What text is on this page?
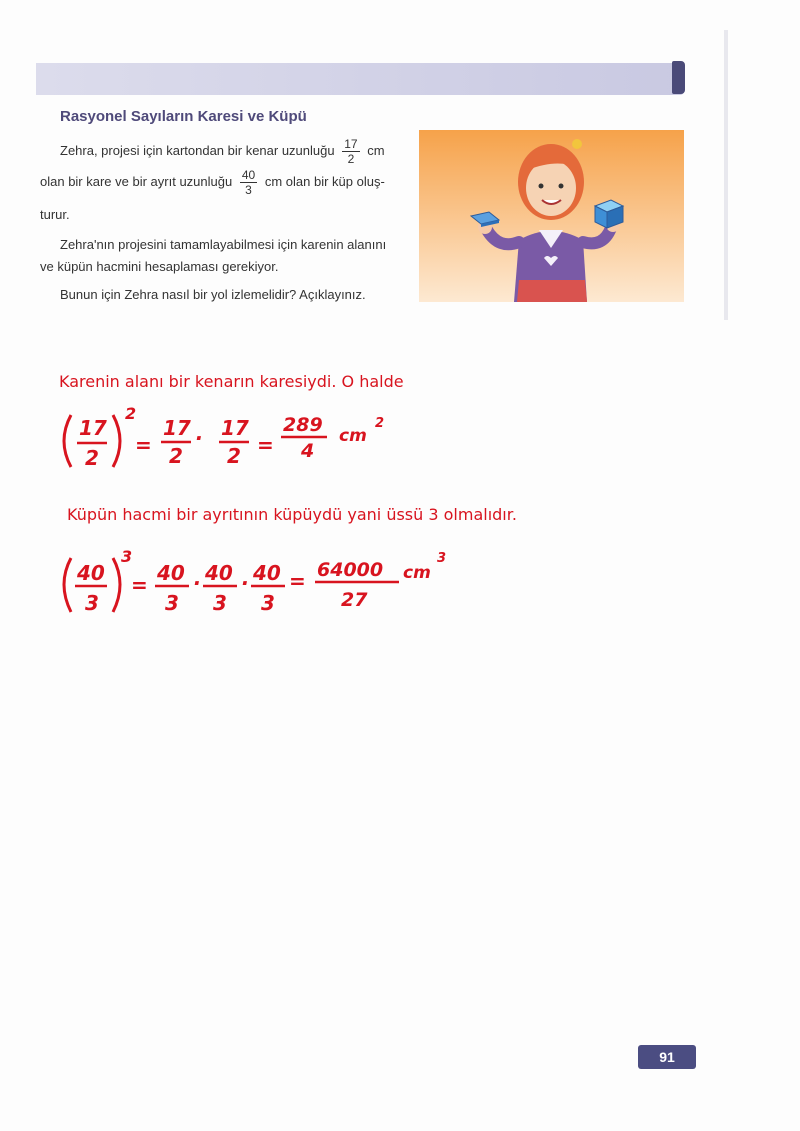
Rasyonel Sayıların Karesi ve Küpü
Zehra, projesi için kartondan bir kenar uzunluğu $\frac{17}{2}$ cm
olan bir kare ve bir ayrıt uzunluğu $\frac{40}{3}$ cm olan bir küp oluş-
turur.
Zehra'nın projesini tamamlayabilmesi için karenin alanını
ve küpün hacmini hesaplaması gerekiyor.
Bunun için Zehra nasıl bir yol izlemelidir? Açıklayınız.
Karenin alanı bir kenarın karesiydi. O halde
17
2
2
=
17
2
· 17
2 =
289
4
cm
2
Küpün hacmi bir ayrıtının küpüydü yani üssü 3 olmalıdır.
40
3
3
= 40
3
· 40
3
· 40
3
= 64000
27
cm
3
91
